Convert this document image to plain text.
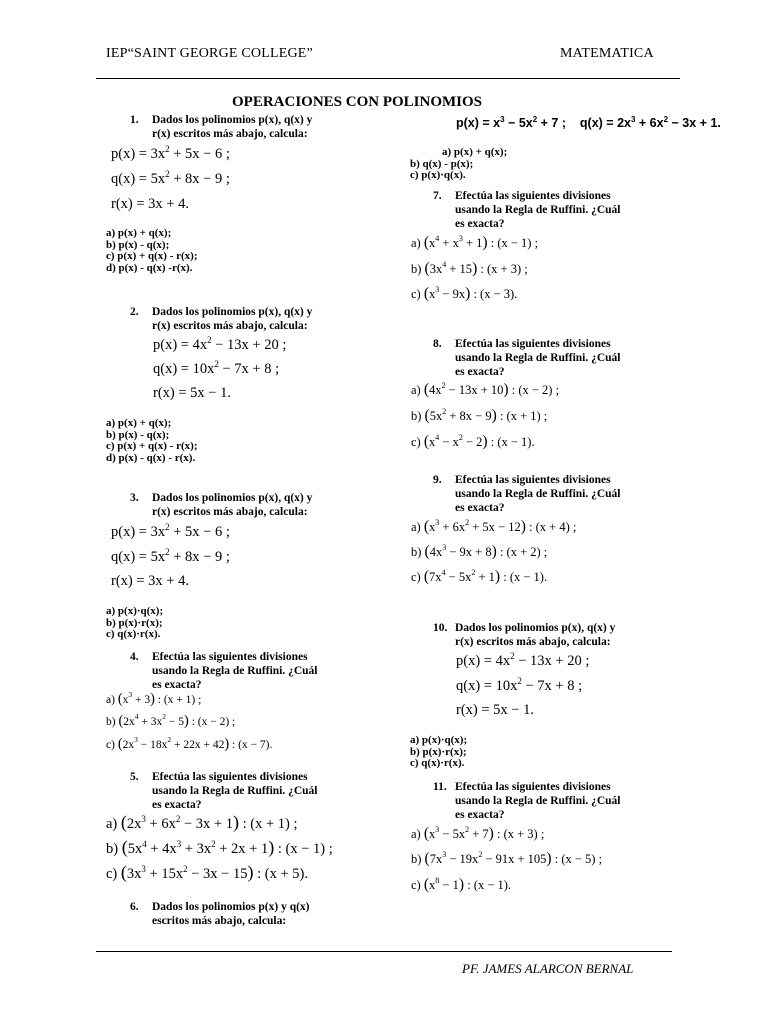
IEP“SAINT GEORGE COLLEGE”	MATEMATICA
OPERACIONES CON POLINOMIOS
1. Dados los polinomios p(x), q(x) y
r(x) escritos más abajo, calcula:
$p(x) = 3x^2 + 5x - 6$ ;
$q(x) = 5x^2 + 8x - 9$ ;
r(x) = 3x + 4.
a) p(x) + q(x);
b) p(x) - q(x);
c) p(x) + q(x) - r(x);
d) p(x) - q(x) -r(x).
2. Dados los polinomios p(x), q(x) y
r(x) escritos más abajo, calcula:
$p(x) = 4x^2 - 13x + 20$ ;
$q(x) = 10x^2 - 7x + 8$ ;
r(x) = 5x − 1.
a) p(x) + q(x);
b) p(x) - q(x);
c) p(x) + q(x) - r(x);
d) p(x) - q(x) - r(x).
3. Dados los polinomios p(x), q(x) y
r(x) escritos más abajo, calcula:
$p(x) = 3x^2 + 5x - 6$ ;
$q(x) = 5x^2 + 8x - 9$ ;
r(x) = 3x + 4.
a) p(x)·q(x);
b) p(x)·r(x);
c) q(x)·r(x).
4. Efectúa las siguientes divisiones
usando la Regla de Ruffini. ¿Cuál
es exacta?
a) $(x^3 + 3)$ : (x + 1) ;
b) $(2x^4 + 3x^2 - 5)$ : (x − 2) ;
c) $(2x^3 - 18x^2 + 22x + 42)$ : (x − 7).
5. Efectúa las siguientes divisiones
usando la Regla de Ruffini. ¿Cuál
es exacta?
a) $(2x^3 + 6x^2 - 3x + 1)$ : (x + 1) ;
b) $(5x^4 + 4x^3 + 3x^2 + 2x + 1)$ : (x − 1) ;
c) $(3x^3 + 15x^2 - 3x - 15)$ : (x + 5).
6. Dados los polinomios p(x) y q(x)
escritos más abajo, calcula:
$p(x) = x^3 - 5x^2 + 7$ ;    $q(x) = 2x^3 + 6x^2 - 3x + 1$.
a) p(x) + q(x);
b) q(x) - p(x);
c) p(x)·q(x).
7. Efectúa las siguientes divisiones
usando la Regla de Ruffini. ¿Cuál
es exacta?
a) $(x^4 + x^3 + 1)$ : (x − 1) ;
b) $(3x^4 + 15)$ : (x + 3) ;
c) $(x^3 - 9x)$ : (x − 3).
8. Efectúa las siguientes divisiones
usando la Regla de Ruffini. ¿Cuál
es exacta?
a) $(4x^2 - 13x + 10)$ : (x − 2) ;
b) $(5x^2 + 8x - 9)$ : (x + 1) ;
c) $(x^4 - x^2 - 2)$ : (x − 1).
9. Efectúa las siguientes divisiones
usando la Regla de Ruffini. ¿Cuál
es exacta?
a) $(x^3 + 6x^2 + 5x - 12)$ : (x + 4) ;
b) $(4x^3 - 9x + 8)$ : (x + 2) ;
c) $(7x^4 - 5x^2 + 1)$ : (x − 1).
10. Dados los polinomios p(x), q(x) y
r(x) escritos más abajo, calcula:
$p(x) = 4x^2 - 13x + 20$ ;
$q(x) = 10x^2 - 7x + 8$ ;
r(x) = 5x − 1.
a) p(x)·q(x);
b) p(x)·r(x);
c) q(x)·r(x).
11. Efectúa las siguientes divisiones
usando la Regla de Ruffini. ¿Cuál
es exacta?
a) $(x^3 - 5x^2 + 7)$ : (x + 3) ;
b) $(7x^3 - 19x^2 - 91x + 105)$ : (x − 5) ;
c) $(x^8 - 1)$ : (x − 1).
PF. JAMES ALARCON BERNAL
